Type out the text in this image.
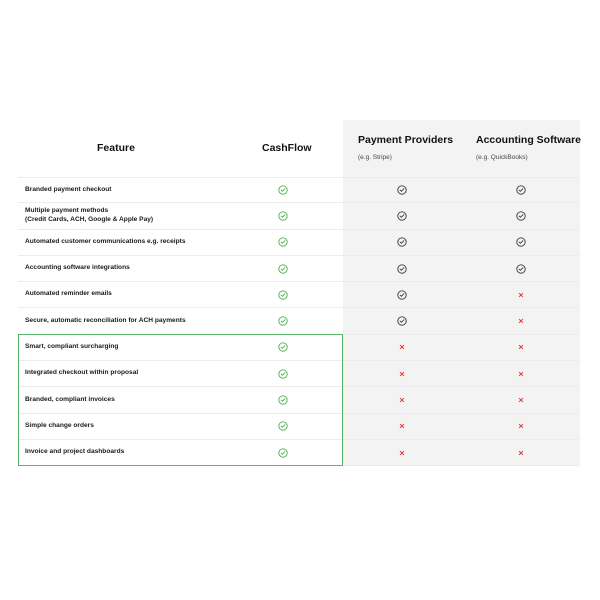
Feature	CashFlow
Payment Providers
(e.g. Stripe)
Accounting Software
(e.g. QuickBooks)
Branded payment checkout
Multiple payment methods
(Credit Cards, ACH, Google & Apple Pay)
Automated customer communications e.g. receipts
Accounting software integrations
Automated reminder emails
Secure, automatic reconciliation for ACH payments
Smart, compliant surcharging
Integrated checkout within proposal
Branded, compliant invoices
Simple change orders
Invoice and project dashboards
